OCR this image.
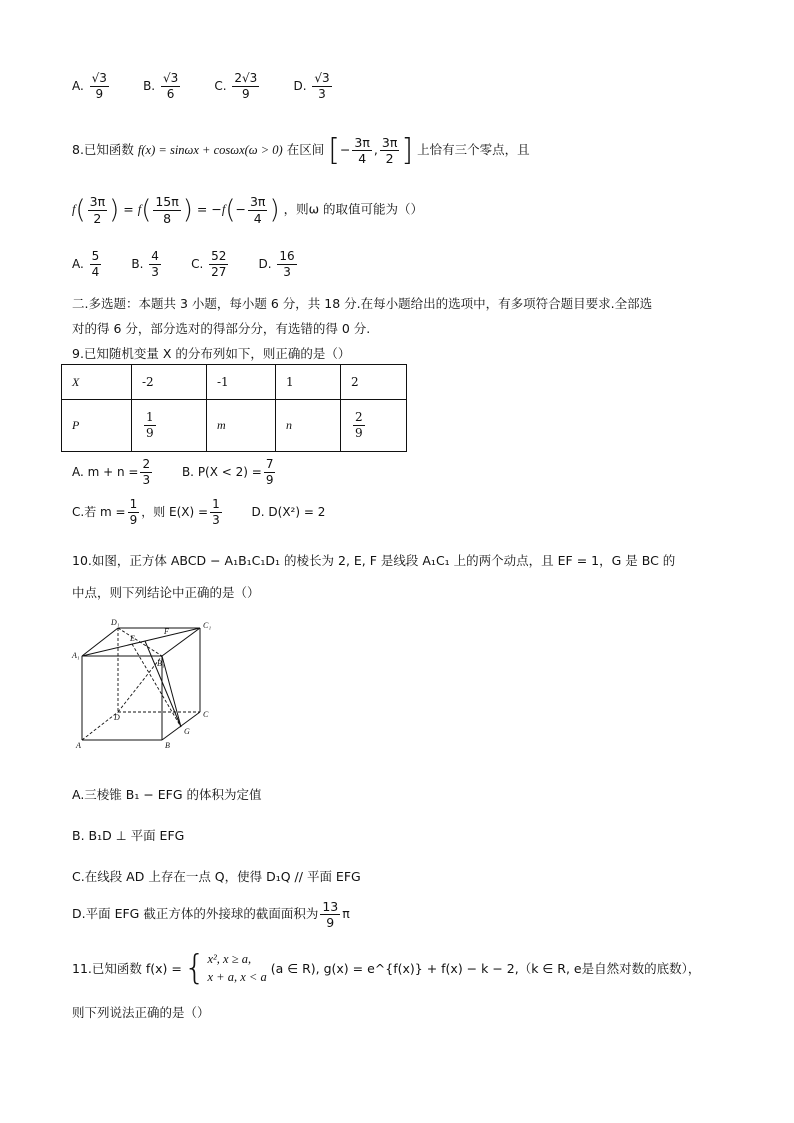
A. $\frac{√3}{9}$	B. $\frac{√3}{6}$	C. $\frac{2√3}{9}$	D. $\frac{√3}{3}$
8.已知函数 f(x) = sinωx + cosωx(ω > 0) 在区间 [− $\frac{3\pi}{4}$ , $\frac{3\pi}{2}$ ] 上恰有三个零点，且
$f( \frac{3\pi}{2}$ ) = $f( \frac{15\pi}{8}$ ) = $-f(- \frac{3\pi}{4}$ ) ，则ω 的取值可能为（）
A. $\frac{5}{4}$	B. $\frac{4}{3}$	C. $\frac{52}{27}$	D. $\frac{16}{3}$
二.多选题：本题共 3 小题，每小题 6 分，共 18 分.在每小题给出的选项中，有多项符合题目要求.全部选
对的得 6 分，部分选对的得部分分，有选错的得 0 分.
9.已知随机变量 X 的分布列如下，则正确的是（）
X	-2	-1	1	2
P	$\frac{1}{9}$	m	n	$\frac{2}{9}$
A. $m + n = \frac{2}{3} B$. $P(X < 2) = \frac{7}{9}$
C.若 $m = \frac{1}{9}$ ，则 $E(X) = \frac{1}{3} D$. D(X²) = 2
10.如图，正方体 ABCD − A₁B₁C₁D₁ 的棱长为 2, E, F 是线段 A₁C₁ 上的两个动点，且 EF = 1，G 是 BC 的
中点，则下列结论中正确的是（）
D₁
F
C₁
A₁
E
B₁
D	C
A	B
G
A.三棱锥 B₁ − EFG 的体积为定值
B. B₁D ⊥ 平面 EFG
C.在线段 AD 上存在一点 Q，使得 D₁Q // 平面 EFG
D.平面 EFG 截正方体的外接球的截面面积为 $\frac{13}{9}$ π
11.已知函数 f(x) = { x², x ≥ a,
x + a, x < a
(a ∈ R), g(x) = e^{f(x)} + f(x) − k − 2,（k ∈ R, e是自然对数的底数），
则下列说法正确的是（）
